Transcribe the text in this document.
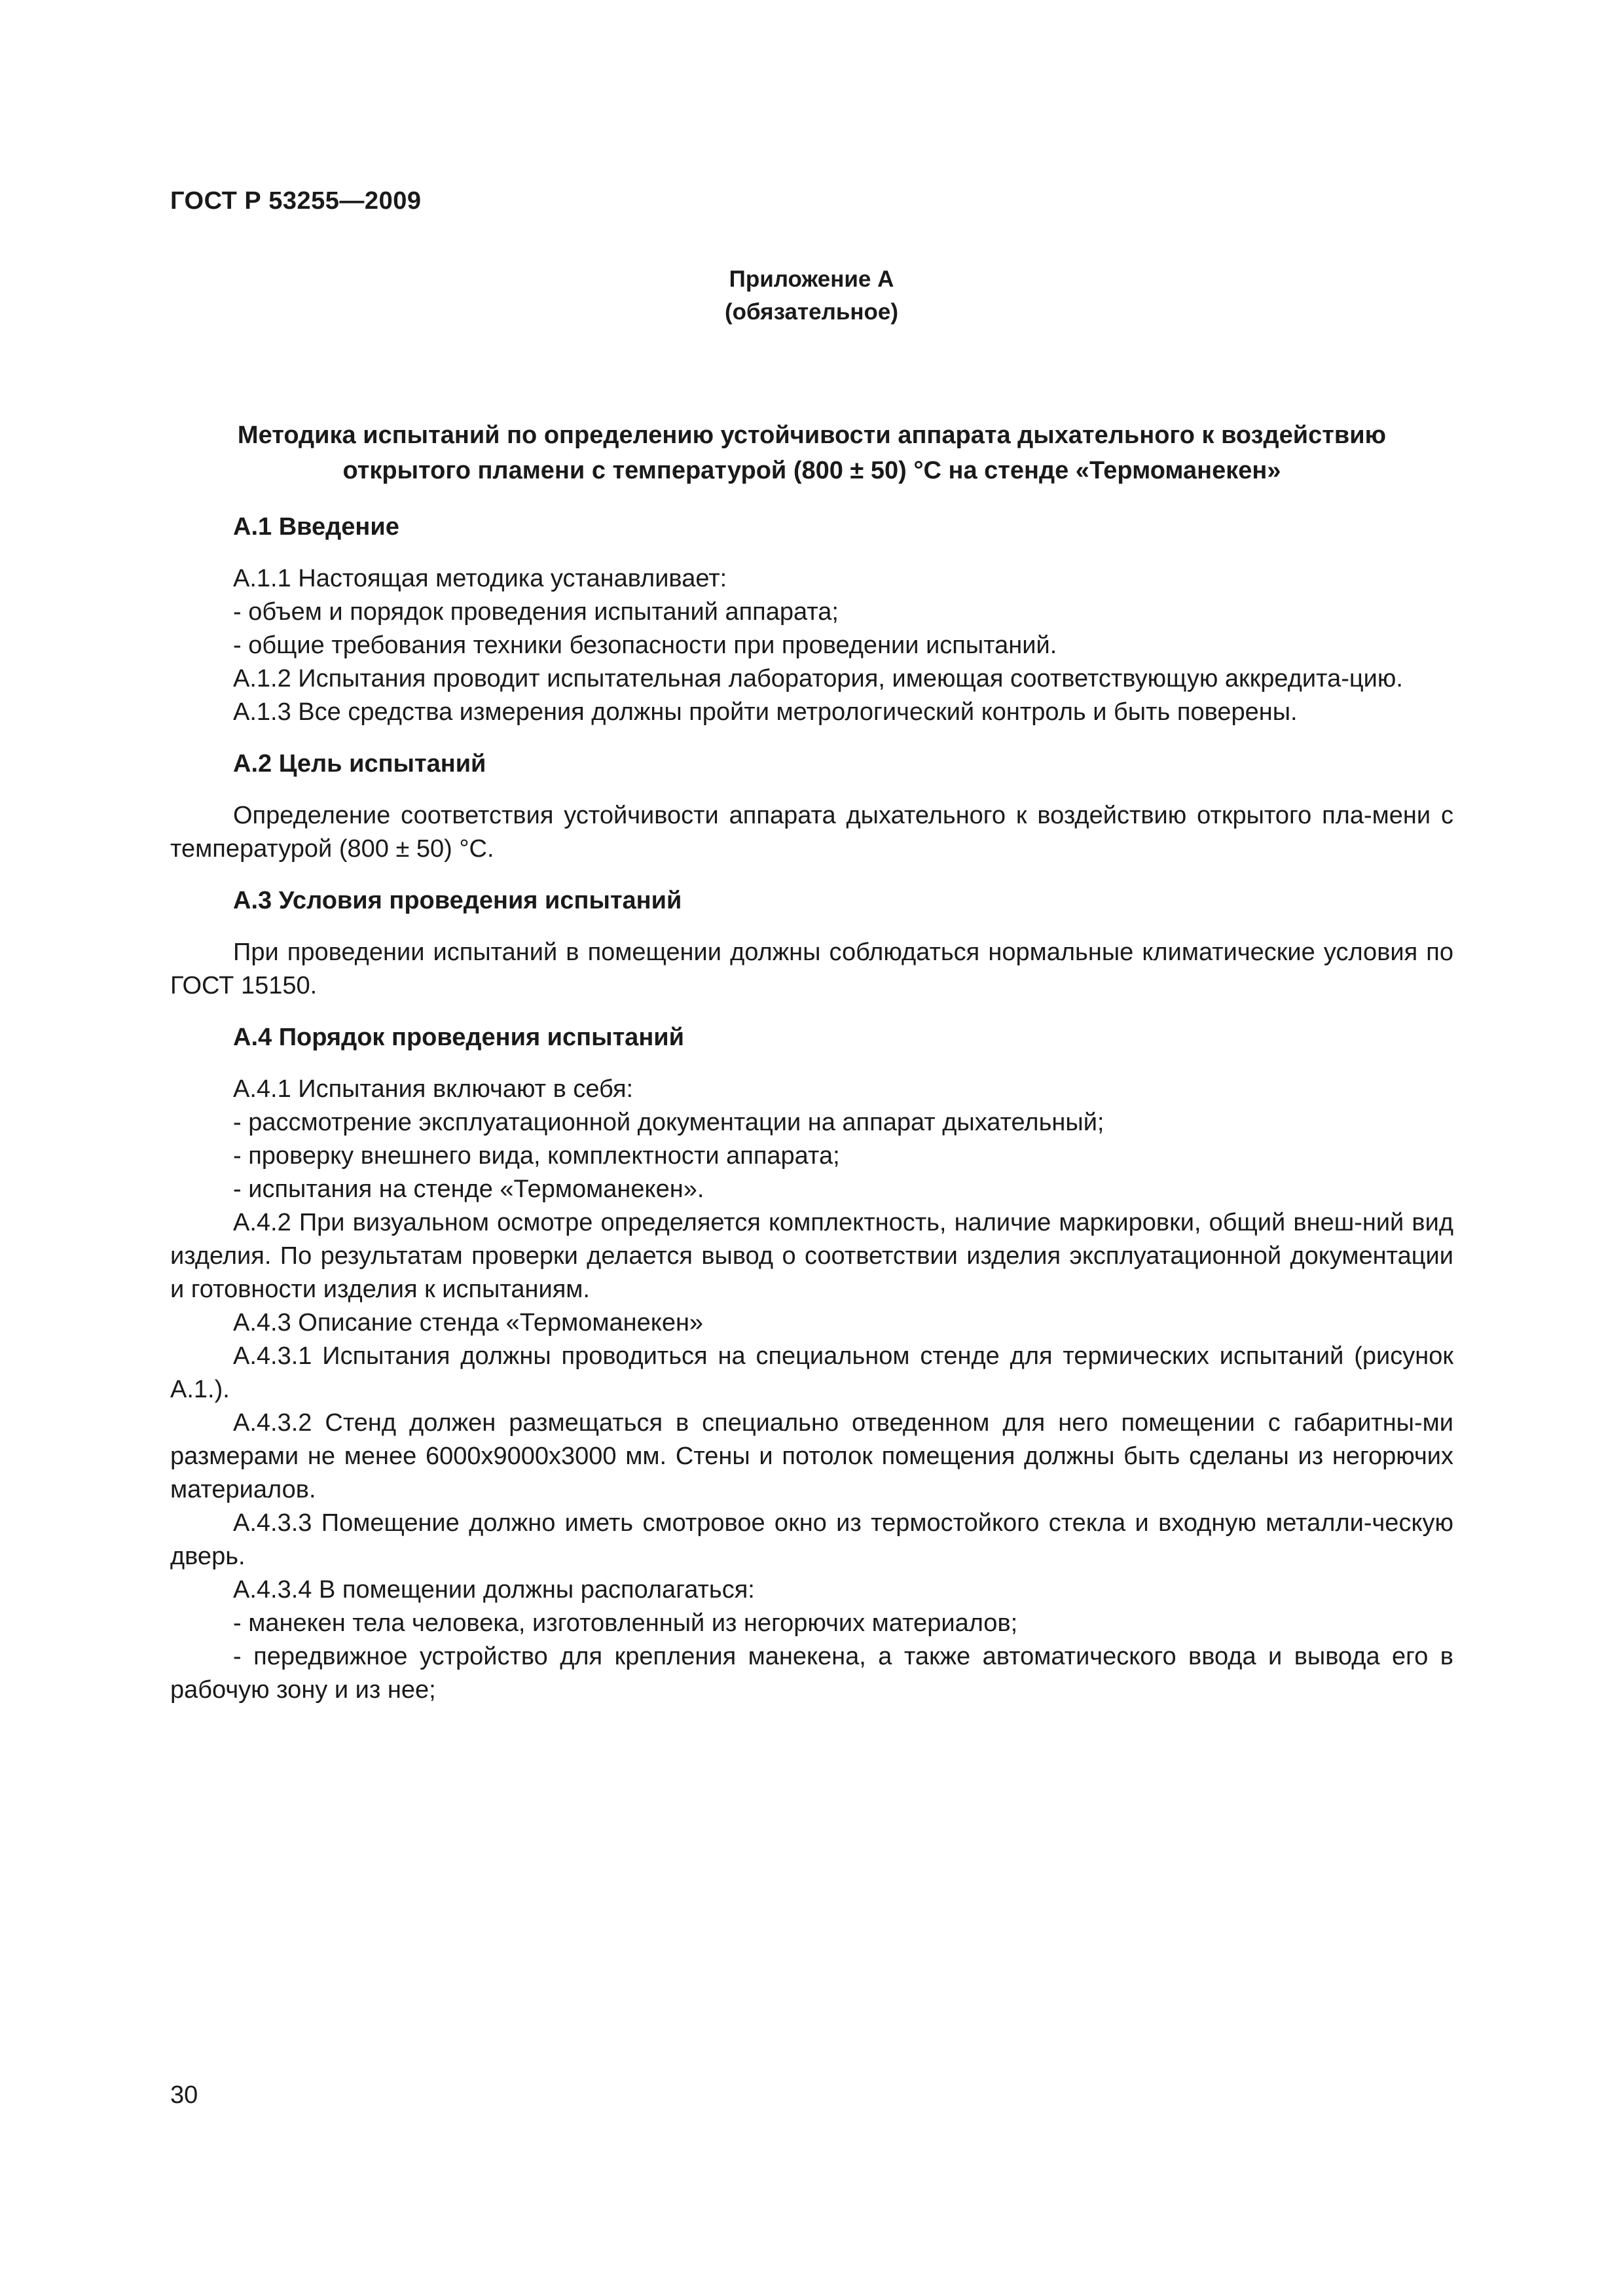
ГОСТ Р 53255—2009
Приложение А
(обязательное)
Методика испытаний по определению устойчивости аппарата дыхательного к воздействию
открытого пламени с температурой (800 ± 50) °С на стенде «Термоманекен»

А.1 Введение

А.1.1 Настоящая методика устанавливает:

- объем и порядок проведения испытаний аппарата;

- общие требования техники безопасности при проведении испытаний.

А.1.2 Испытания проводит испытательная лаборатория, имеющая соответствующую аккредита-цию.

А.1.3 Все средства измерения должны пройти метрологический контроль и быть поверены.

А.2 Цель испытаний

Определение соответствия устойчивости аппарата дыхательного к воздействию открытого пла-мени с температурой (800 ± 50) °С.

А.3 Условия проведения испытаний

При проведении испытаний в помещении должны соблюдаться нормальные климатические условия по ГОСТ 15150.

А.4 Порядок проведения испытаний

А.4.1 Испытания включают в себя:

- рассмотрение эксплуатационной документации на аппарат дыхательный;

- проверку внешнего вида, комплектности аппарата;

- испытания на стенде «Термоманекен».

А.4.2 При визуальном осмотре определяется комплектность, наличие маркировки, общий внеш-ний вид изделия. По результатам проверки делается вывод о соответствии изделия эксплуатационной документации и готовности изделия к испытаниям.

А.4.3 Описание стенда «Термоманекен»

А.4.3.1 Испытания должны проводиться на специальном стенде для термических испытаний (рисунок А.1.).

А.4.3.2 Стенд должен размещаться в специально отведенном для него помещении с габаритны-ми размерами не менее 6000х9000х3000 мм. Стены и потолок помещения должны быть сделаны из негорючих материалов.

А.4.3.3 Помещение должно иметь смотровое окно из термостойкого стекла и входную металли-ческую дверь.

А.4.3.4 В помещении должны располагаться:

- манекен тела человека, изготовленный из негорючих материалов;

- передвижное устройство для крепления манекена, а также автоматического ввода и вывода его в рабочую зону и из нее;

30
